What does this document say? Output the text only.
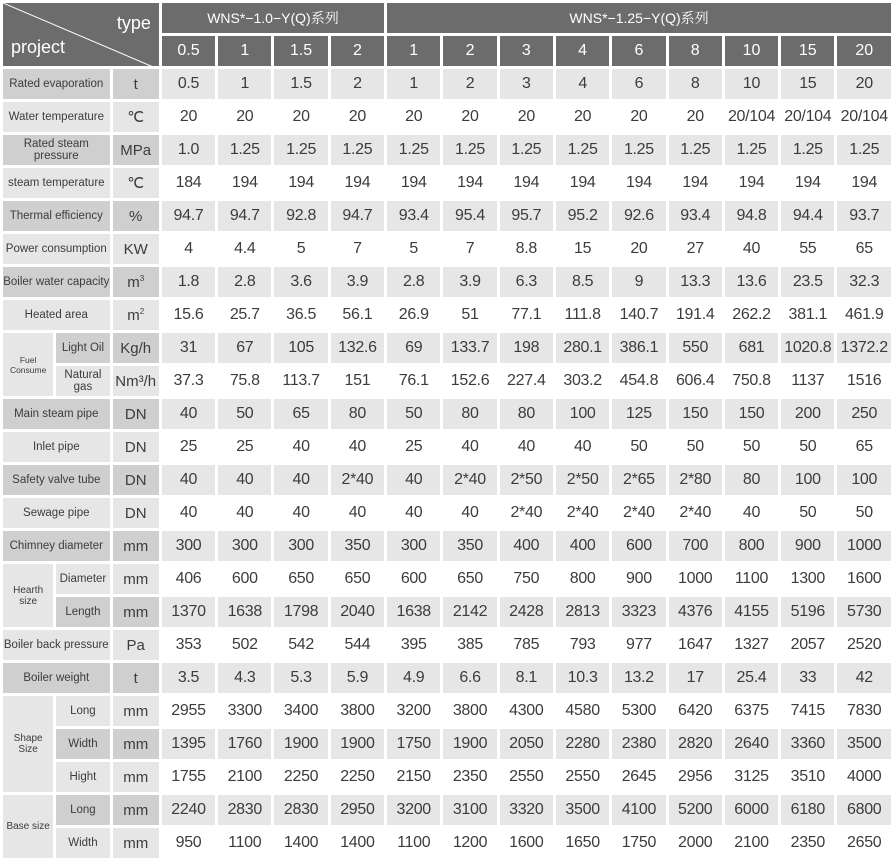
type
project			WNS*−1.0−Y(Q)系列				WNS*−1.25−Y(Q)系列								
			0.5	1	1.5	2	1	2	3	4	6	8	10	15	20
Rated evaporation		t	0.5	1	1.5	2	1	2	3	4	6	8	10	15	20
Water temperature		℃	20	20	20	20	20	20	20	20	20	20	20/104	20/104	20/104
Rated steam pressure		MPa	1.0	1.25	1.25	1.25	1.25	1.25	1.25	1.25	1.25	1.25	1.25	1.25	1.25
steam temperature		℃	184	194	194	194	194	194	194	194	194	194	194	194	194
Thermal efficiency		%	94.7	94.7	92.8	94.7	93.4	95.4	95.7	95.2	92.6	93.4	94.8	94.4	93.7
Power consumption		KW	4	4.4	5	7	5	7	8.8	15	20	27	40	55	65
Boiler water capacity		$m^3$	1.8	2.8	3.6	3.9	2.8	3.9	6.3	8.5	9	13.3	13.6	23.5	32.3
Heated area		$m^2$	15.6	25.7	36.5	56.1	26.9	51	77.1	111.8	140.7	191.4	262.2	381.1	461.9
Fuel Consume	Light Oil	Kg/h	31	67	105	132.6	69	133.7	198	280.1	386.1	550	681	1020.8	1372.2
	Natural gas	Nm³/h	37.3	75.8	113.7	151	76.1	152.6	227.4	303.2	454.8	606.4	750.8	1137	1516
Main steam pipe		DN	40	50	65	80	50	80	80	100	125	150	150	200	250
Inlet pipe		DN	25	25	40	40	25	40	40	40	50	50	50	50	65
Safety valve tube		DN	40	40	40	2*40	40	2*40	2*50	2*50	2*65	2*80	80	100	100
Sewage pipe		DN	40	40	40	40	40	40	2*40	2*40	2*40	2*40	40	50	50
Chimney diameter		mm	300	300	300	350	300	350	400	400	600	700	800	900	1000
Hearth size	Diameter	mm	406	600	650	650	600	650	750	800	900	1000	1100	1300	1600
	Length	mm	1370	1638	1798	2040	1638	2142	2428	2813	3323	4376	4155	5196	5730
Boiler back pressure		Pa	353	502	542	544	395	385	785	793	977	1647	1327	2057	2520
Boiler weight		t	3.5	4.3	5.3	5.9	4.9	6.6	8.1	10.3	13.2	17	25.4	33	42
Shape Size	Long	mm	2955	3300	3400	3800	3200	3800	4300	4580	5300	6420	6375	7415	7830
	Width	mm	1395	1760	1900	1900	1750	1900	2050	2280	2380	2820	2640	3360	3500
	Hight	mm	1755	2100	2250	2250	2150	2350	2550	2550	2645	2956	3125	3510	4000
Base size	Long	mm	2240	2830	2830	2950	3200	3100	3320	3500	4100	5200	6000	6180	6800
	Width	mm	950	1100	1400	1400	1100	1200	1600	1650	1750	2000	2100	2350	2650
